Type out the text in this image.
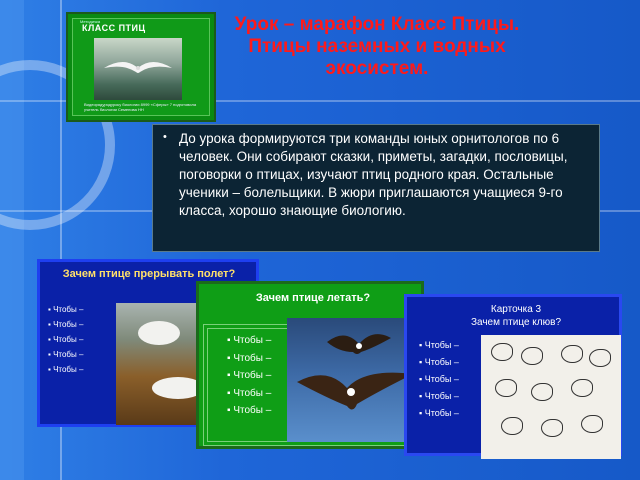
Методичка
КЛАСС ПТИЦ
Видеорядурядуроку биологии 8999 «Сферы» 7 подготовила учитель биологии Семенова НН
Урок – марафон Класс Птицы. Птицы наземных и водных экосистем.
• До урока формируются три команды юных орнитологов по 6 человек. Они собирают сказки, приметы, загадки, пословицы, поговорки о птицах, изучают птиц родного края. Остальные ученики – болельщики. В жюри приглашаются учащиеся 9-го класса, хорошо знающие биологию.
Зачем птице прерывать полет?
▪ Чтобы –
▪ Чтобы –
▪ Чтобы –
▪ Чтобы –
▪ Чтобы –
Зачем птице летать?
▪ Чтобы –
▪ Чтобы –
▪ Чтобы –
▪ Чтобы –
▪ Чтобы –
Карточка 3
Зачем птице клюв?
▪ Чтобы –
▪ Чтобы –
▪ Чтобы –
▪ Чтобы –
▪ Чтобы –
